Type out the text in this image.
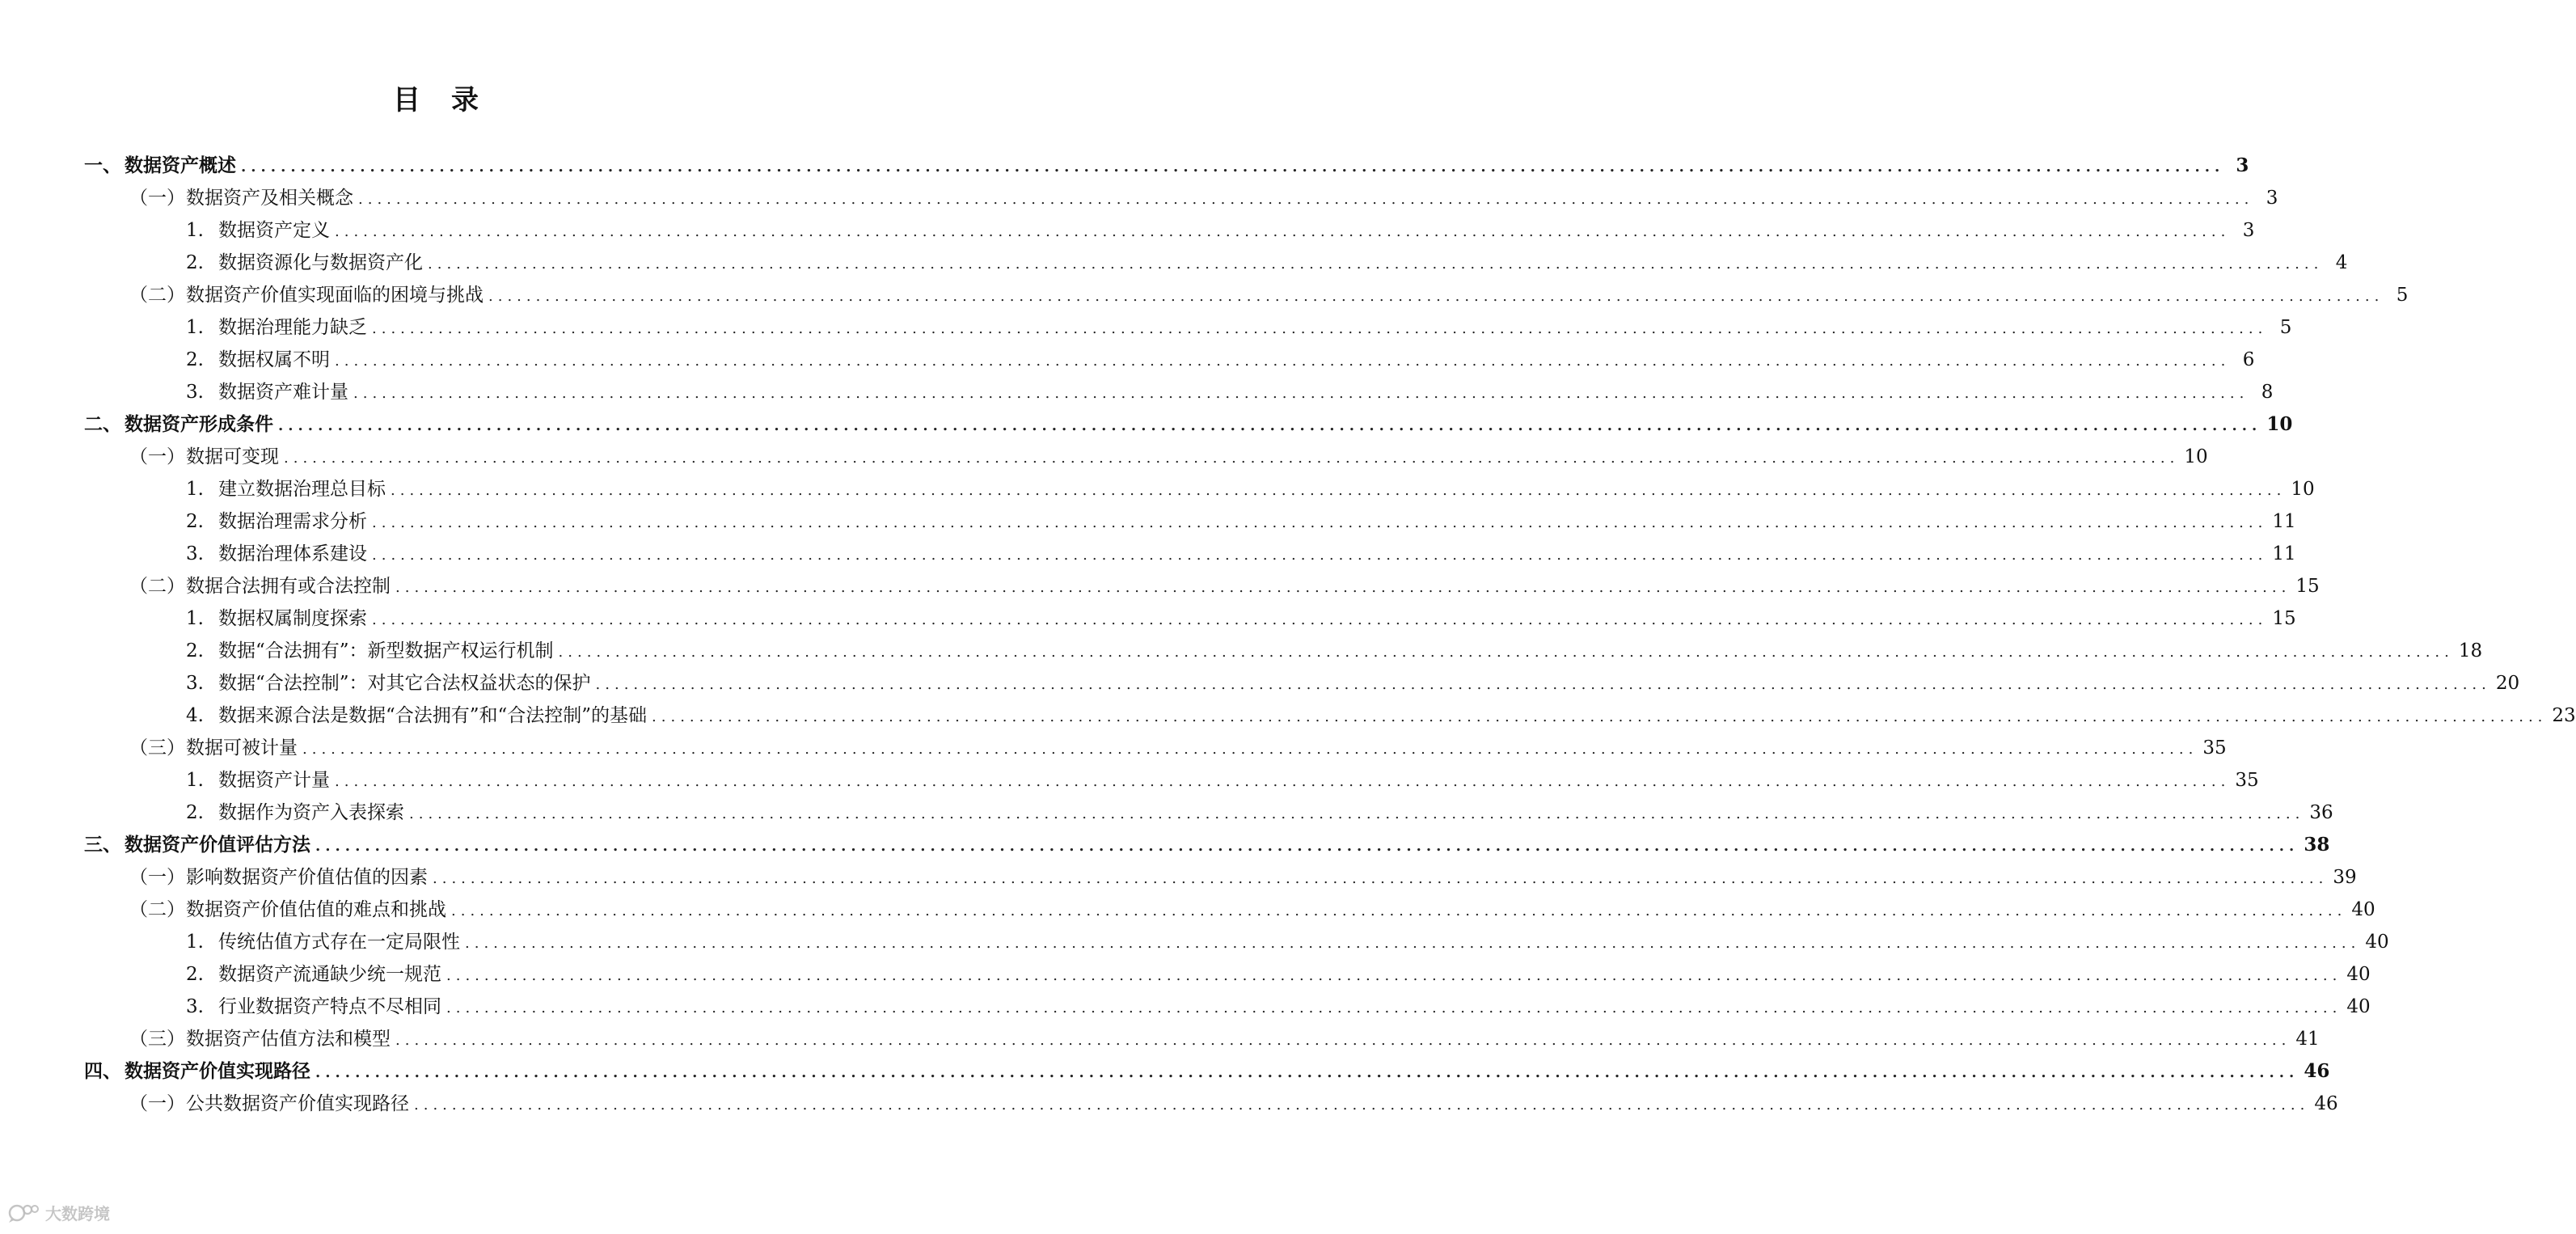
目　录
一、 数据资产概述 ........................................................................................................................................................................................................ 3
（一）数据资产及相关概念 ........................................................................................................................................................................................................ 3
1. 数据资产定义 ........................................................................................................................................................................................................ 3
2. 数据资源化与数据资产化 ........................................................................................................................................................................................................ 4
（二）数据资产价值实现面临的困境与挑战 ........................................................................................................................................................................................................ 5
1. 数据治理能力缺乏 ........................................................................................................................................................................................................ 5
2. 数据权属不明 ........................................................................................................................................................................................................ 6
3. 数据资产难计量 ........................................................................................................................................................................................................ 8
二、 数据资产形成条件 ........................................................................................................................................................................................................ 10
（一）数据可变现 ........................................................................................................................................................................................................ 10
1. 建立数据治理总目标 ........................................................................................................................................................................................................ 10
2. 数据治理需求分析 ........................................................................................................................................................................................................ 11
3. 数据治理体系建设 ........................................................................................................................................................................................................ 11
（二）数据合法拥有或合法控制 ........................................................................................................................................................................................................ 15
1. 数据权属制度探索 ........................................................................................................................................................................................................ 15
2. 数据“合法拥有”：新型数据产权运行机制 ........................................................................................................................................................................................................ 18
3. 数据“合法控制”：对其它合法权益状态的保护 ........................................................................................................................................................................................................ 20
4. 数据来源合法是数据“合法拥有”和“合法控制”的基础 ........................................................................................................................................................................................................ 23
（三）数据可被计量 ........................................................................................................................................................................................................ 35
1. 数据资产计量 ........................................................................................................................................................................................................ 35
2. 数据作为资产入表探索 ........................................................................................................................................................................................................ 36
三、 数据资产价值评估方法 ........................................................................................................................................................................................................ 38
（一）影响数据资产价值估值的因素 ........................................................................................................................................................................................................ 39
（二）数据资产价值估值的难点和挑战 ........................................................................................................................................................................................................ 40
1. 传统估值方式存在一定局限性 ........................................................................................................................................................................................................ 40
2. 数据资产流通缺少统一规范 ........................................................................................................................................................................................................ 40
3. 行业数据资产特点不尽相同 ........................................................................................................................................................................................................ 40
（三）数据资产估值方法和模型 ........................................................................................................................................................................................................ 41
四、 数据资产价值实现路径 ........................................................................................................................................................................................................ 46
（一）公共数据资产价值实现路径 ........................................................................................................................................................................................................ 46
大数跨境
